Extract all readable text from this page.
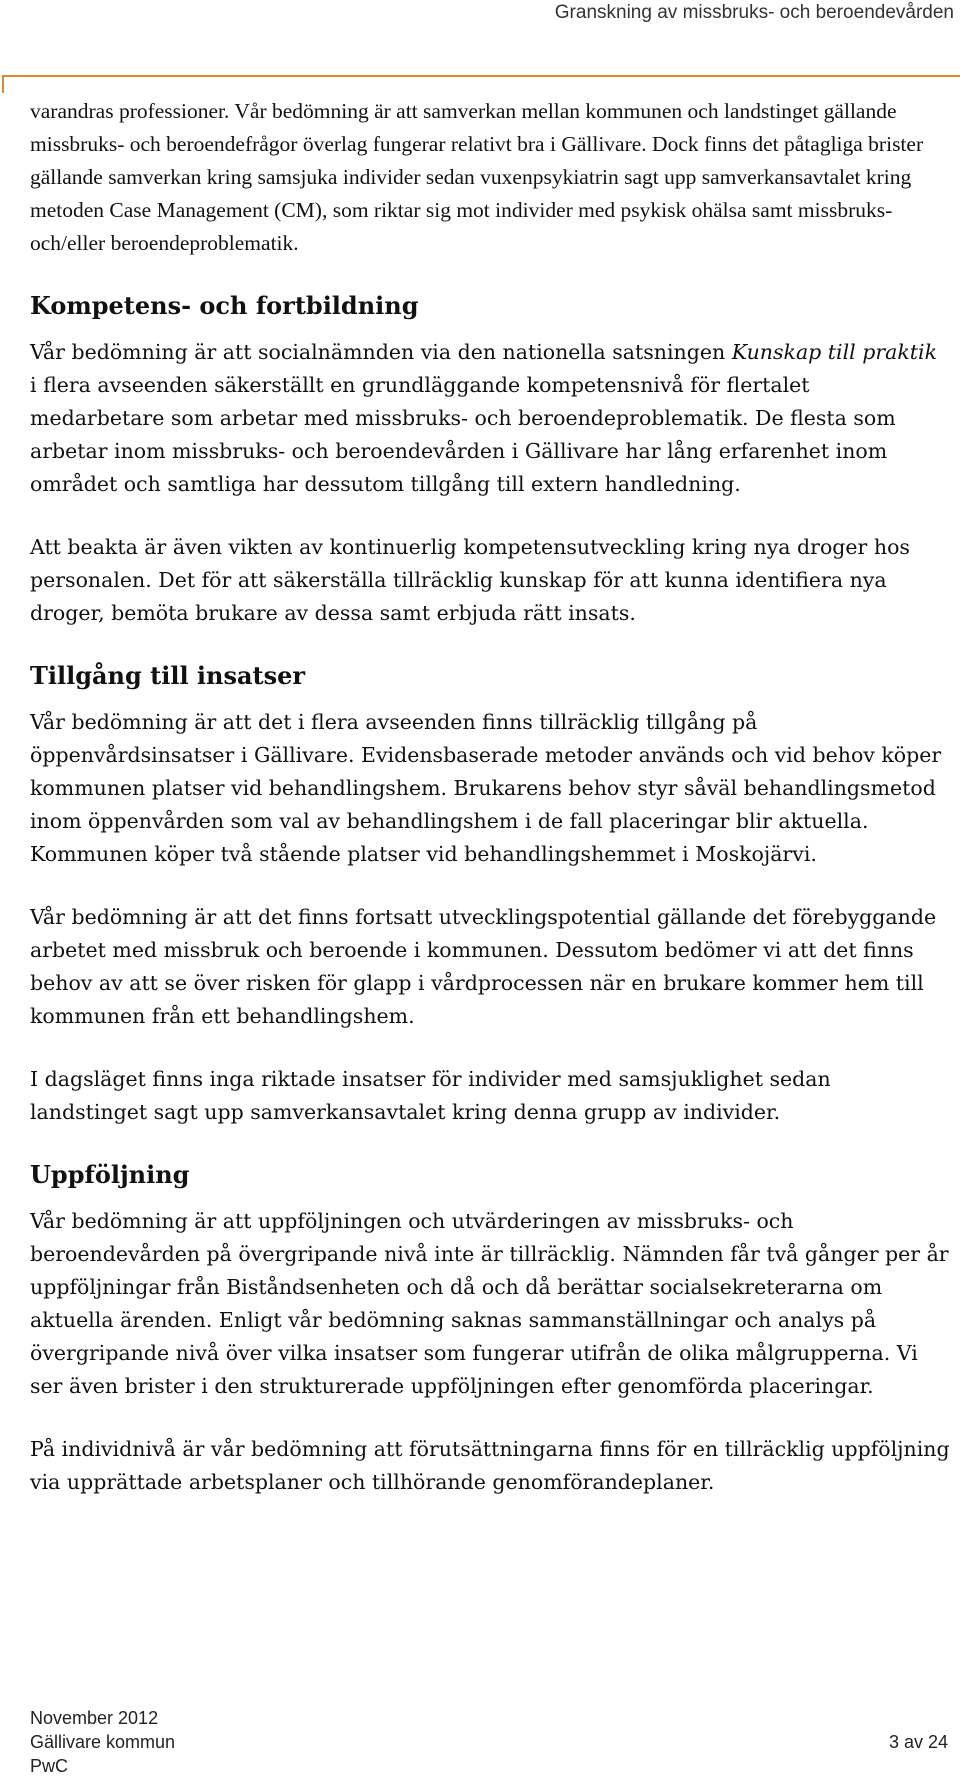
Granskning av missbruks- och beroendevården

varandras professioner. Vår bedömning är att samverkan mellan kommunen och landstinget gällande missbruks- och beroendefrågor överlag fungerar relativt bra i Gällivare. Dock finns det påtagliga brister gällande samverkan kring samsjuka individer sedan vuxenpsykiatrin sagt upp samverkansavtalet kring metoden Case Management (CM), som riktar sig mot individer med psykisk ohälsa samt missbruks- och/eller beroendeproblematik.

Kompetens- och fortbildning

Vår bedömning är att socialnämnden via den nationella satsningen Kunskap till praktik i flera avseenden säkerställt en grundläggande kompetensnivå för flertalet medarbetare som arbetar med missbruks- och beroendeproblematik. De flesta som arbetar inom missbruks- och beroendevården i Gällivare har lång erfarenhet inom området och samtliga har dessutom tillgång till extern handledning.

Att beakta är även vikten av kontinuerlig kompetensutveckling kring nya droger hos personalen. Det för att säkerställa tillräcklig kunskap för att kunna identifiera nya droger, bemöta brukare av dessa samt erbjuda rätt insats.

Tillgång till insatser

Vår bedömning är att det i flera avseenden finns tillräcklig tillgång på öppenvårdsinsatser i Gällivare. Evidensbaserade metoder används och vid behov köper kommunen platser vid behandlingshem. Brukarens behov styr såväl behandlingsmetod inom öppenvården som val av behandlingshem i de fall placeringar blir aktuella. Kommunen köper två stående platser vid behandlingshemmet i Moskojärvi.

Vår bedömning är att det finns fortsatt utvecklingspotential gällande det förebyggande arbetet med missbruk och beroende i kommunen. Dessutom bedömer vi att det finns behov av att se över risken för glapp i vårdprocessen när en brukare kommer hem till kommunen från ett behandlingshem.

I dagsläget finns inga riktade insatser för individer med samsjuklighet sedan landstinget sagt upp samverkansavtalet kring denna grupp av individer.

Uppföljning

Vår bedömning är att uppföljningen och utvärderingen av missbruks- och beroendevården på övergripande nivå inte är tillräcklig. Nämnden får två gånger per år uppföljningar från Biståndsenheten och då och då berättar socialsekreterarna om aktuella ärenden. Enligt vår bedömning saknas sammanställningar och analys på övergripande nivå över vilka insatser som fungerar utifrån de olika målgrupperna. Vi ser även brister i den strukturerade uppföljningen efter genomförda placeringar.

På individnivå är vår bedömning att förutsättningarna finns för en tillräcklig uppföljning via upprättade arbetsplaner och tillhörande genomförandeplaner.

November 2012
Gällivare kommun
PwC
3 av 24
